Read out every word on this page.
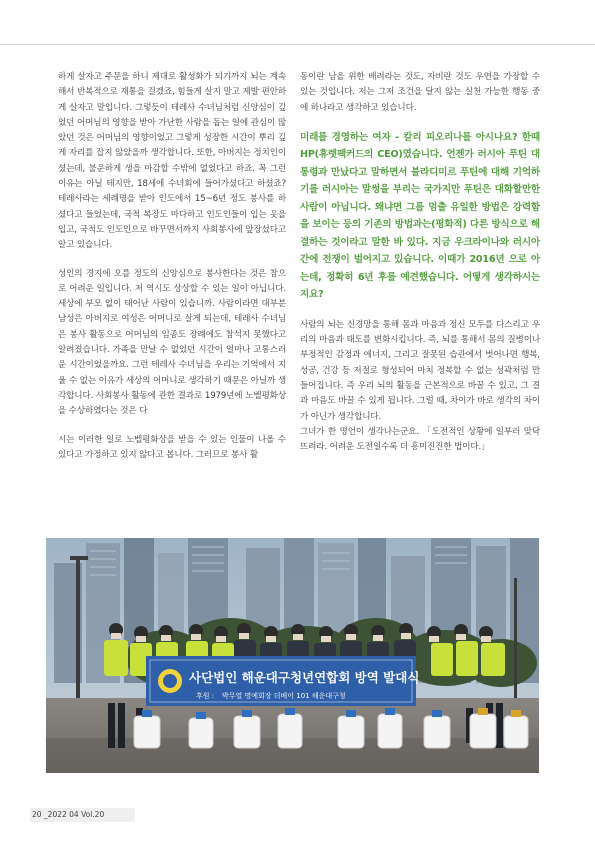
하게 살자고 주문을 하니 제대로 활성화가 되기까지 뇌는 계속해서 반복적으로 재통을 걸겠죠, 힘들게 살지 말고 제발 편안하게 살자고 말입니다. 그렇듯이 테레사 수녀님처럼 신앙심이 깊었던 어머님의 영향을 받아 가난한 사람을 돕는 일에 관심이 많았던 것은 어머님의 영향이었고 그렇게 성장한 시간이 뿌리 깊게 자리를 잡지 않았을까 생각합니다. 또한, 아버지는 정치인이셨는데, 불운하게 생을 마감할 수밖에 없었다고 하죠. 꼭 그런 이유는 아닐 테지만, 18세에 수녀회에 들어가셨다고 하셨죠? 테레사라는 세례명을 받아 인도에서 15~6년 정도 봉사를 하셨다고 들었는데, 국적 복장도 마다하고 인도인들이 입는 옷을 입고, 국적도 인도인으로 바꾸면서까지 사회봉사에 앞장섰다고 알고 있습니다.

성인의 경지에 오를 정도의 신앙심으로 봉사한다는 것은 참으로 어려운 일입니다. 저 역시도 상상할 수 있는 일이 아닙니다. 세상에 부모 없이 태어난 사람이 있습니까. 사람이라면 대부분 남성은 아버지로 여성은 어머니로 살게 되는데, 테레사 수녀님은 봉사 활동으로 어머님의 임종도 장례에도 참석지 못했다고 알려졌습니다. 가족을 만날 수 없었던 시간이 얼마나 고통스러운 시간이었을까요. 그런 테레사 수녀님을 우리는 기억에서 지울 수 없는 이유가 세상의 어머니로 생각하기 때문은 아닐까 생각합니다. 사회봉사 활동에 관한 결과로 1979년에 노벨평화상을 수상하였다는 것은 다

시는 이러한 일로 노벨평화상을 받을 수 있는 인물이 나올 수 있다고 가정하고 있지 않다고 봅니다. 그러므로 봉사 활

동이란 남을 위한 배려라는 것도, 자비란 것도 우연을 가장할 수 있는 것입니다. 저는 그저 조건을 달지 않는 실천 가능한 행동 중에 하나라고 생각하고 있습니다.

미래를 경영하는 여자 - 칼리 피오리나를 아시나요? 한때 HP(휴렛팩커드의 CEO)였습니다. 언젠가 러시아 푸틴 대통령과 만났다고 말하면서 블라디미르 푸틴에 대해 기억하기를 러시아는 말썽을 부리는 국가지만 푸틴은 대화할만한 사람이 아닙니다. 왜냐면 그를 멈출 유일한 방법은 강력함을 보이는 등의 기존의 방법과는(평화적) 다른 방식으로 해결하는 것이라고 말한 바 있다. 지금 우크라이나와 러시아 간에 전쟁이 벌어지고 있습니다. 이때가 2016년 으로 아는데, 정확히 6년 후를 예견했습니다. 어떻게 생각하시는지요?

사람의 뇌는 신경망을 통해 몸과 마음과 정신 모두를 다스리고 우리의 마음과 태도를 변화시킵니다. 즉, 뇌를 통해서 몸의 질병이나 부정적인 감정과 에너지, 그리고 잘못된 습관에서 벗어나면 행복, 성공, 건강 등 저절로 형성되어 마치 정복할 수 없는 성곽처럼 만들어집니다. 즉 우리 뇌의 활동을 근본적으로 바꿀 수 있고, 그 결과 마음도 바꿀 수 있게 됩니다. 그럴 때, 차이가 바로 생각의 차이가 아닌가 생각합니다.

그녀가 한 명언이 생각나는군요. 「도전적인 상황에 일부러 맞닥뜨려라. 어려운 도전일수록 더 흥미진진한 법이다.」

사단법인 해운대구청년연합회 방역 발대식
후원 : 박무열 명예회장 더베이 101 해운대구청
20 _2022 04 Vol.20
